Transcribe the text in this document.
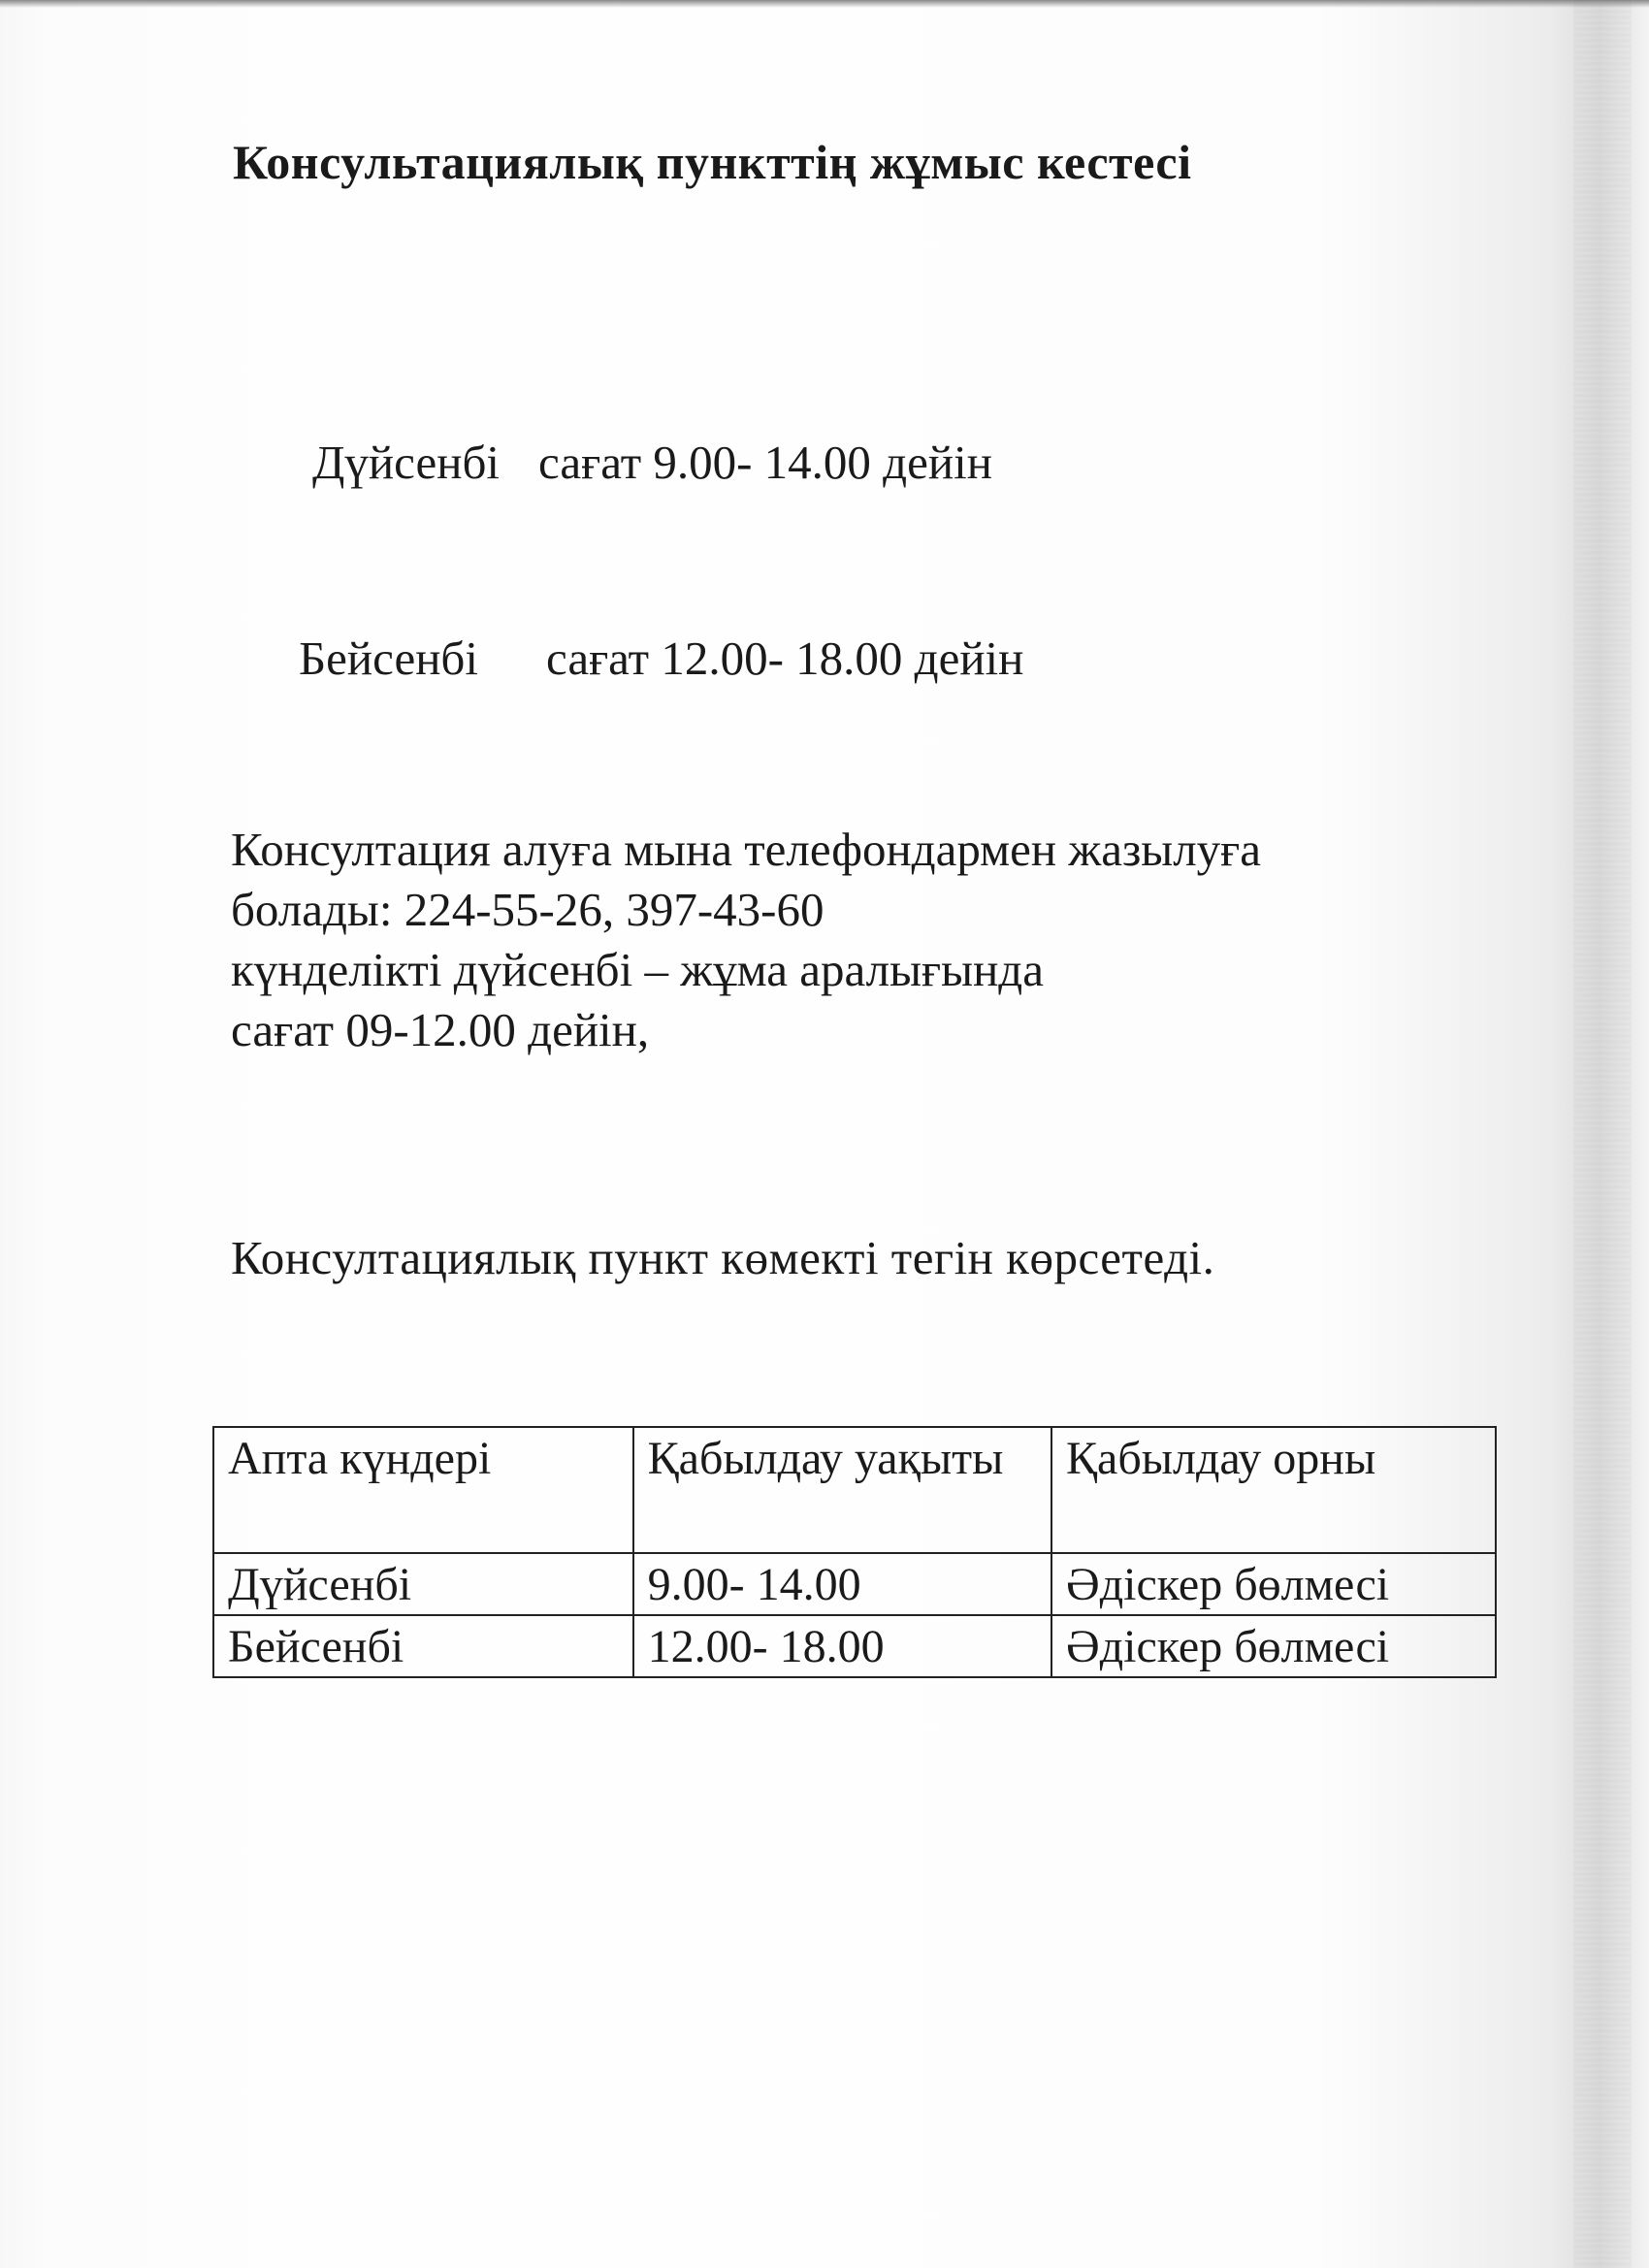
Консультациялық пункттің жұмыс кестесі
Дүйсенбі сағат 9.00- 14.00 дейін
Бейсенбі сағат 12.00- 18.00 дейін
Консултация алуға мына телефондармен жазылуға
болады: 224-55-26, 397-43-60
күнделікті дүйсенбі – жұма аралығында
сағат 09-12.00 дейін,
Консултациялық пункт көмекті тегін көрсетеді.
Апта күндері	Қабылдау уақыты	Қабылдау орны
Дүйсенбі	9.00- 14.00	Әдіскер бөлмесі
Бейсенбі	12.00- 18.00	Әдіскер бөлмесі
